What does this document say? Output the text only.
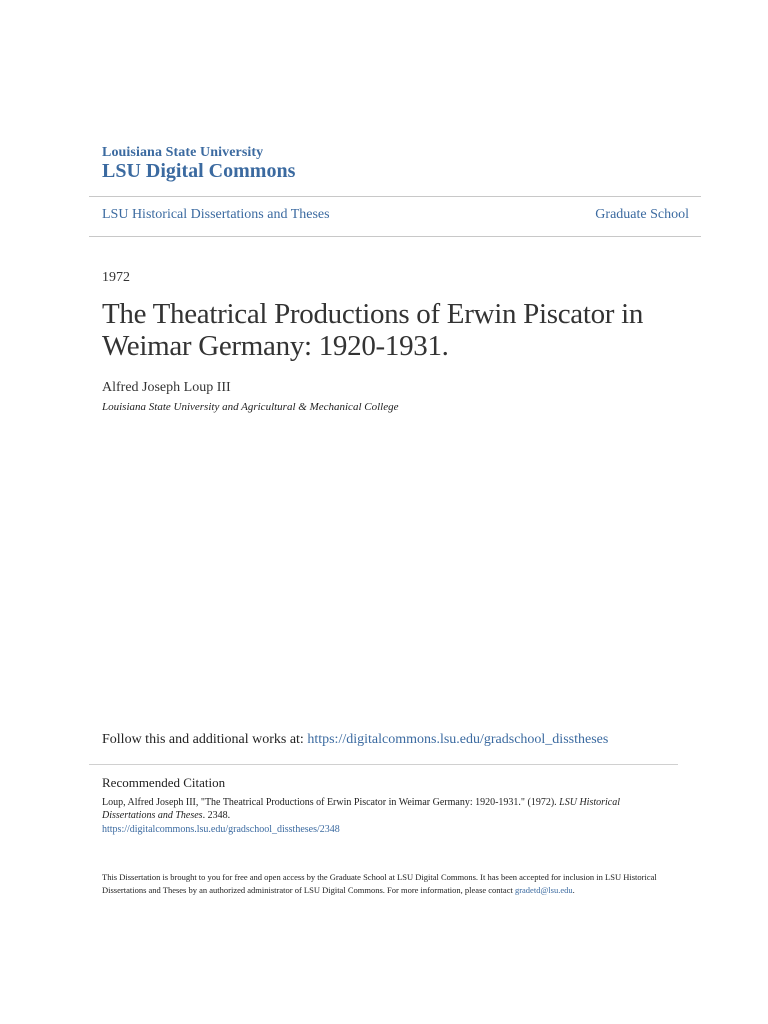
Louisiana State University
LSU Digital Commons
LSU Historical Dissertations and Theses	Graduate School
1972
The Theatrical Productions of Erwin Piscator in Weimar Germany: 1920-1931.
Alfred Joseph Loup III
Louisiana State University and Agricultural & Mechanical College
Follow this and additional works at: https://digitalcommons.lsu.edu/gradschool_disstheses
Recommended Citation
Loup, Alfred Joseph III, "The Theatrical Productions of Erwin Piscator in Weimar Germany: 1920-1931." (1972). LSU Historical Dissertations and Theses. 2348.
https://digitalcommons.lsu.edu/gradschool_disstheses/2348
This Dissertation is brought to you for free and open access by the Graduate School at LSU Digital Commons. It has been accepted for inclusion in LSU Historical Dissertations and Theses by an authorized administrator of LSU Digital Commons. For more information, please contact gradetd@lsu.edu.
